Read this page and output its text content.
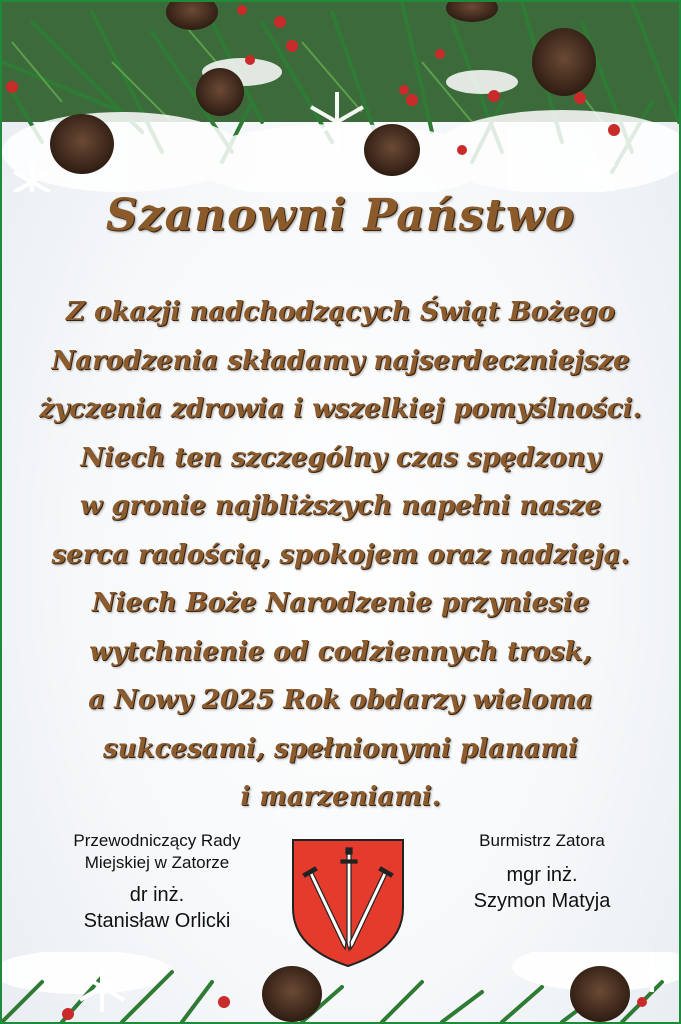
Szanowni Państwo
Z okazji nadchodzących Świąt Bożego
Narodzenia składamy najserdeczniejsze
życzenia zdrowia i wszelkiej pomyślności.
Niech ten szczególny czas spędzony
w gronie najbliższych napełni nasze
serca radością, spokojem oraz nadzieją.
Niech Boże Narodzenie przyniesie
wytchnienie od codziennych trosk,
a Nowy 2025 Rok obdarzy wieloma
sukcesami, spełnionymi planami
i marzeniami.
Przewodniczący Rady
Miejskiej w Zatorze
dr inż.
Stanisław Orlicki
Burmistrz Zatora
mgr inż.
Szymon Matyja
